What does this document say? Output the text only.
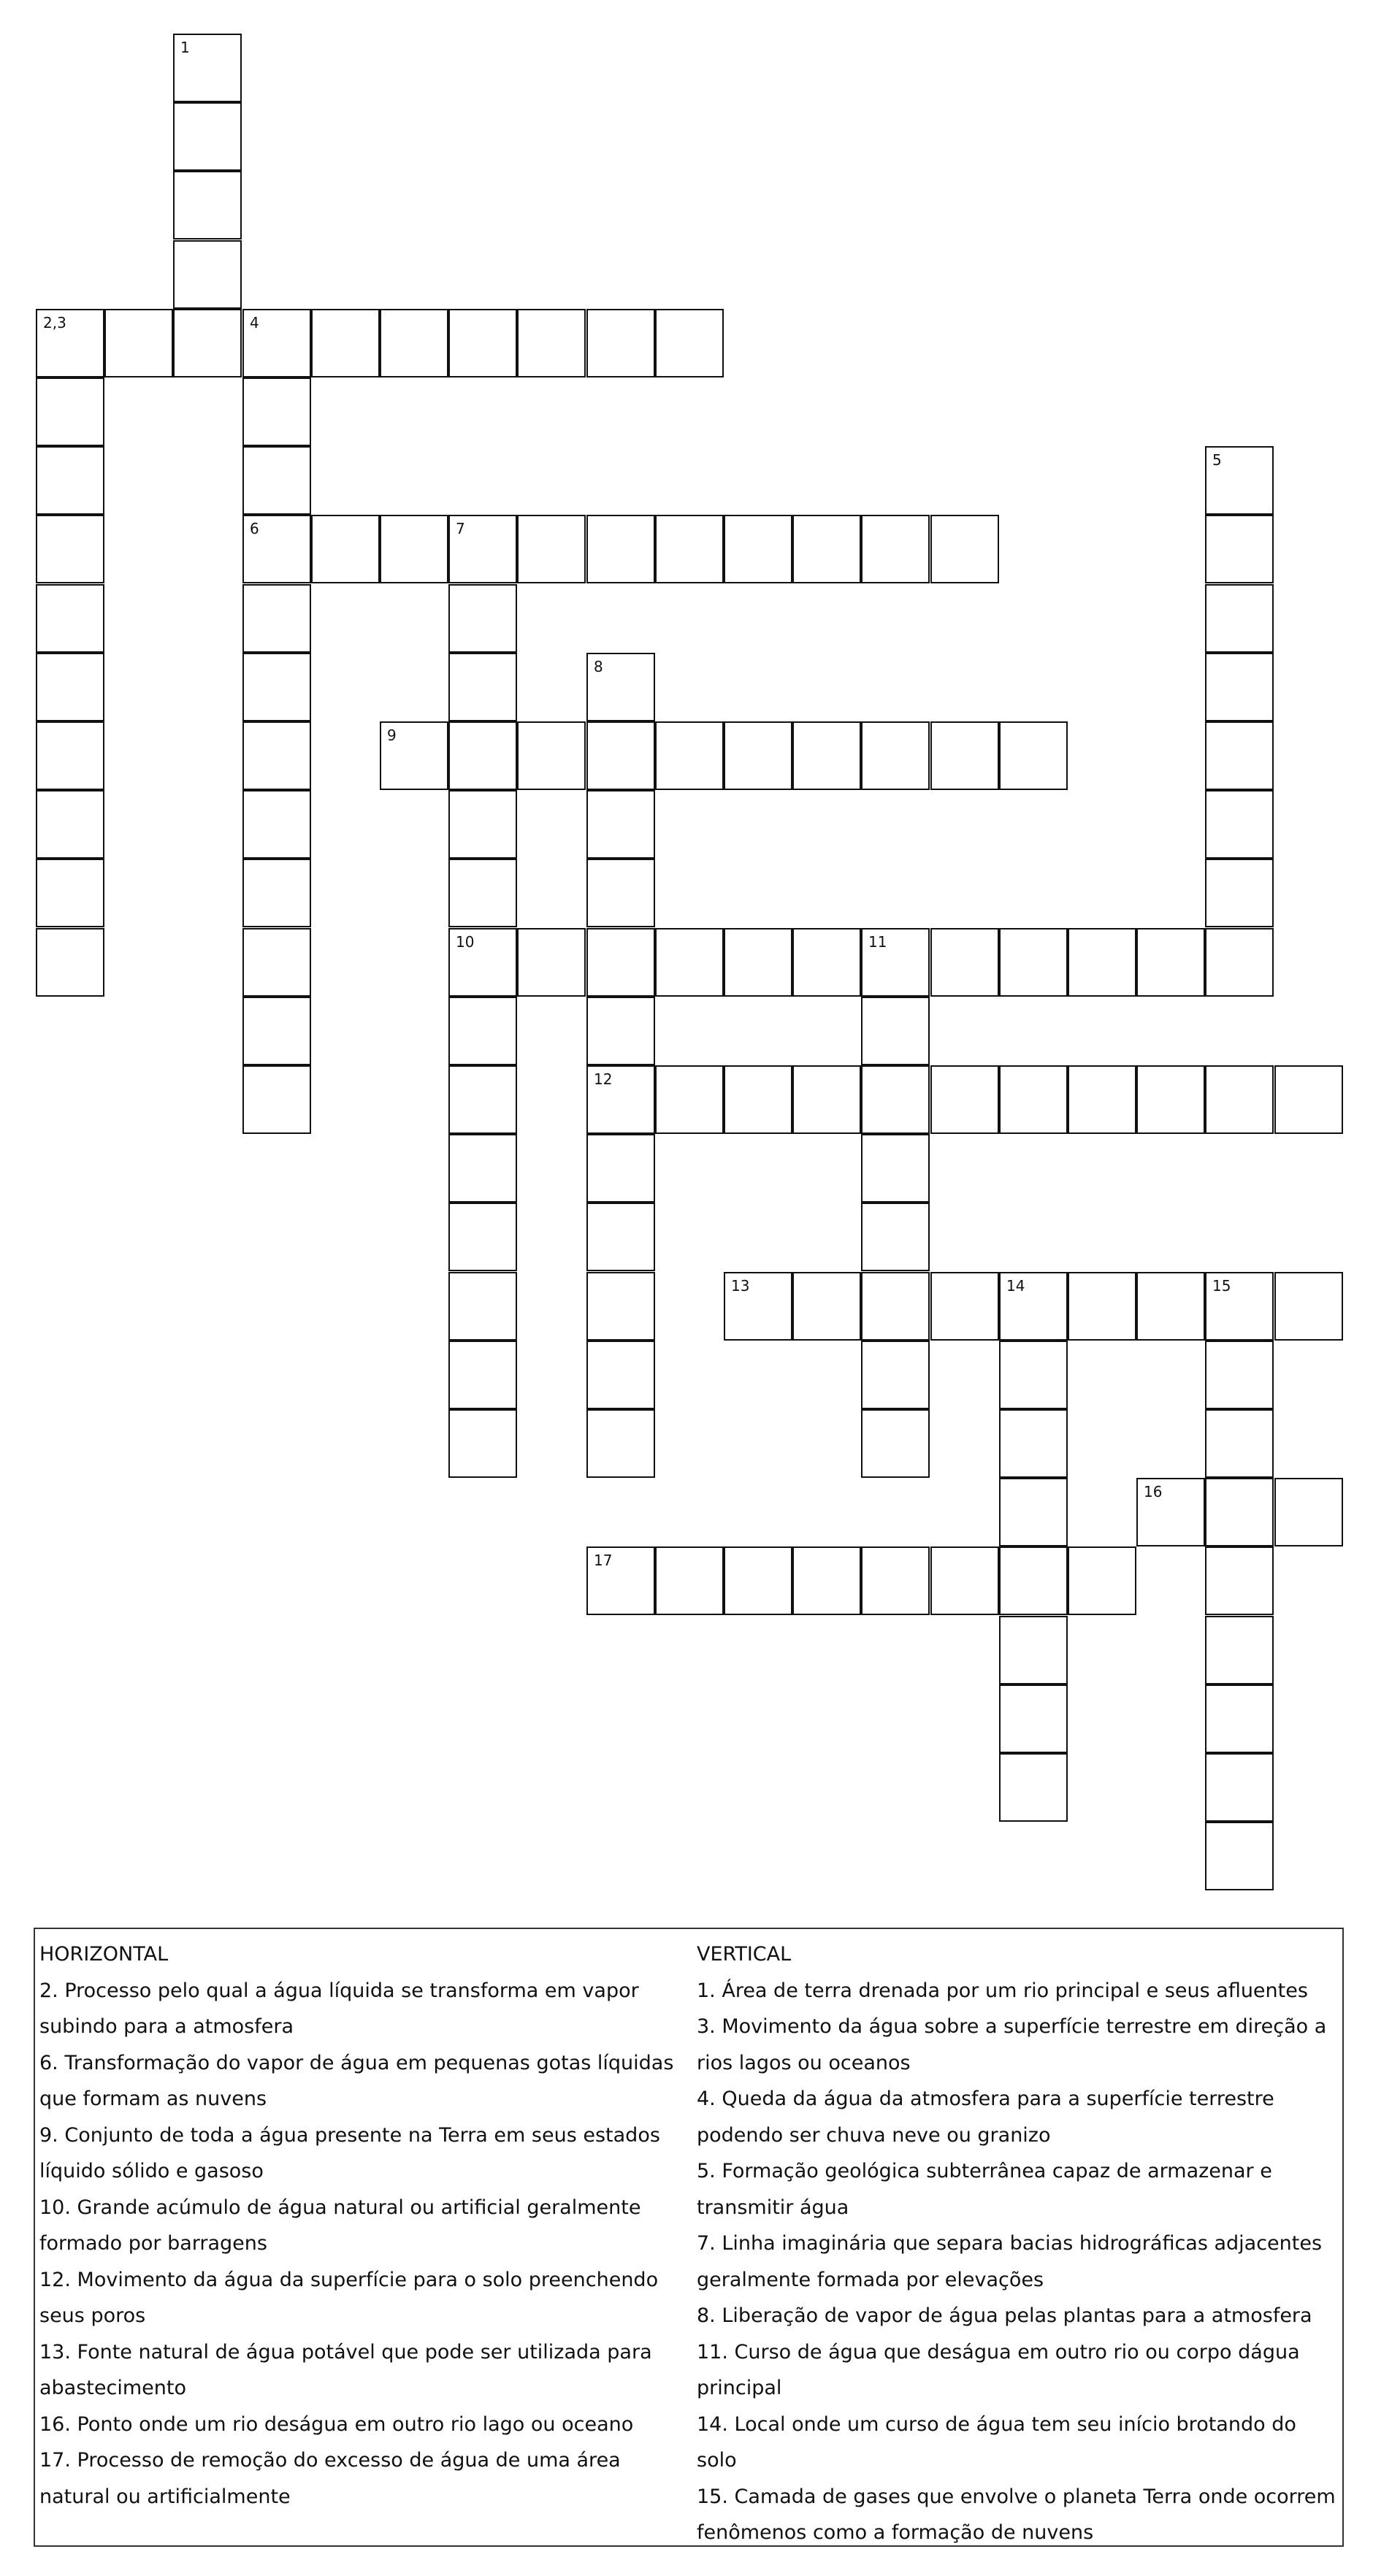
1
2,3	4
5
6	7
8
9
10	11
12
13	14	15
16
17
HORIZONTAL
2. Processo pelo qual a água líquida se transforma em vapor
subindo para a atmosfera
6. Transformação do vapor de água em pequenas gotas líquidas
que formam as nuvens
9. Conjunto de toda a água presente na Terra em seus estados
líquido sólido e gasoso
10. Grande acúmulo de água natural ou artificial geralmente
formado por barragens
12. Movimento da água da superfície para o solo preenchendo
seus poros
13. Fonte natural de água potável que pode ser utilizada para
abastecimento
16. Ponto onde um rio deságua em outro rio lago ou oceano
17. Processo de remoção do excesso de água de uma área
natural ou artificialmente
VERTICAL
1. Área de terra drenada por um rio principal e seus afluentes
3. Movimento da água sobre a superfície terrestre em direção a
rios lagos ou oceanos
4. Queda da água da atmosfera para a superfície terrestre
podendo ser chuva neve ou granizo
5. Formação geológica subterrânea capaz de armazenar e
transmitir água
7. Linha imaginária que separa bacias hidrográficas adjacentes
geralmente formada por elevações
8. Liberação de vapor de água pelas plantas para a atmosfera
11. Curso de água que deságua em outro rio ou corpo dágua
principal
14. Local onde um curso de água tem seu início brotando do solo
15. Camada de gases que envolve o planeta Terra onde ocorrem
fenômenos como a formação de nuvens
